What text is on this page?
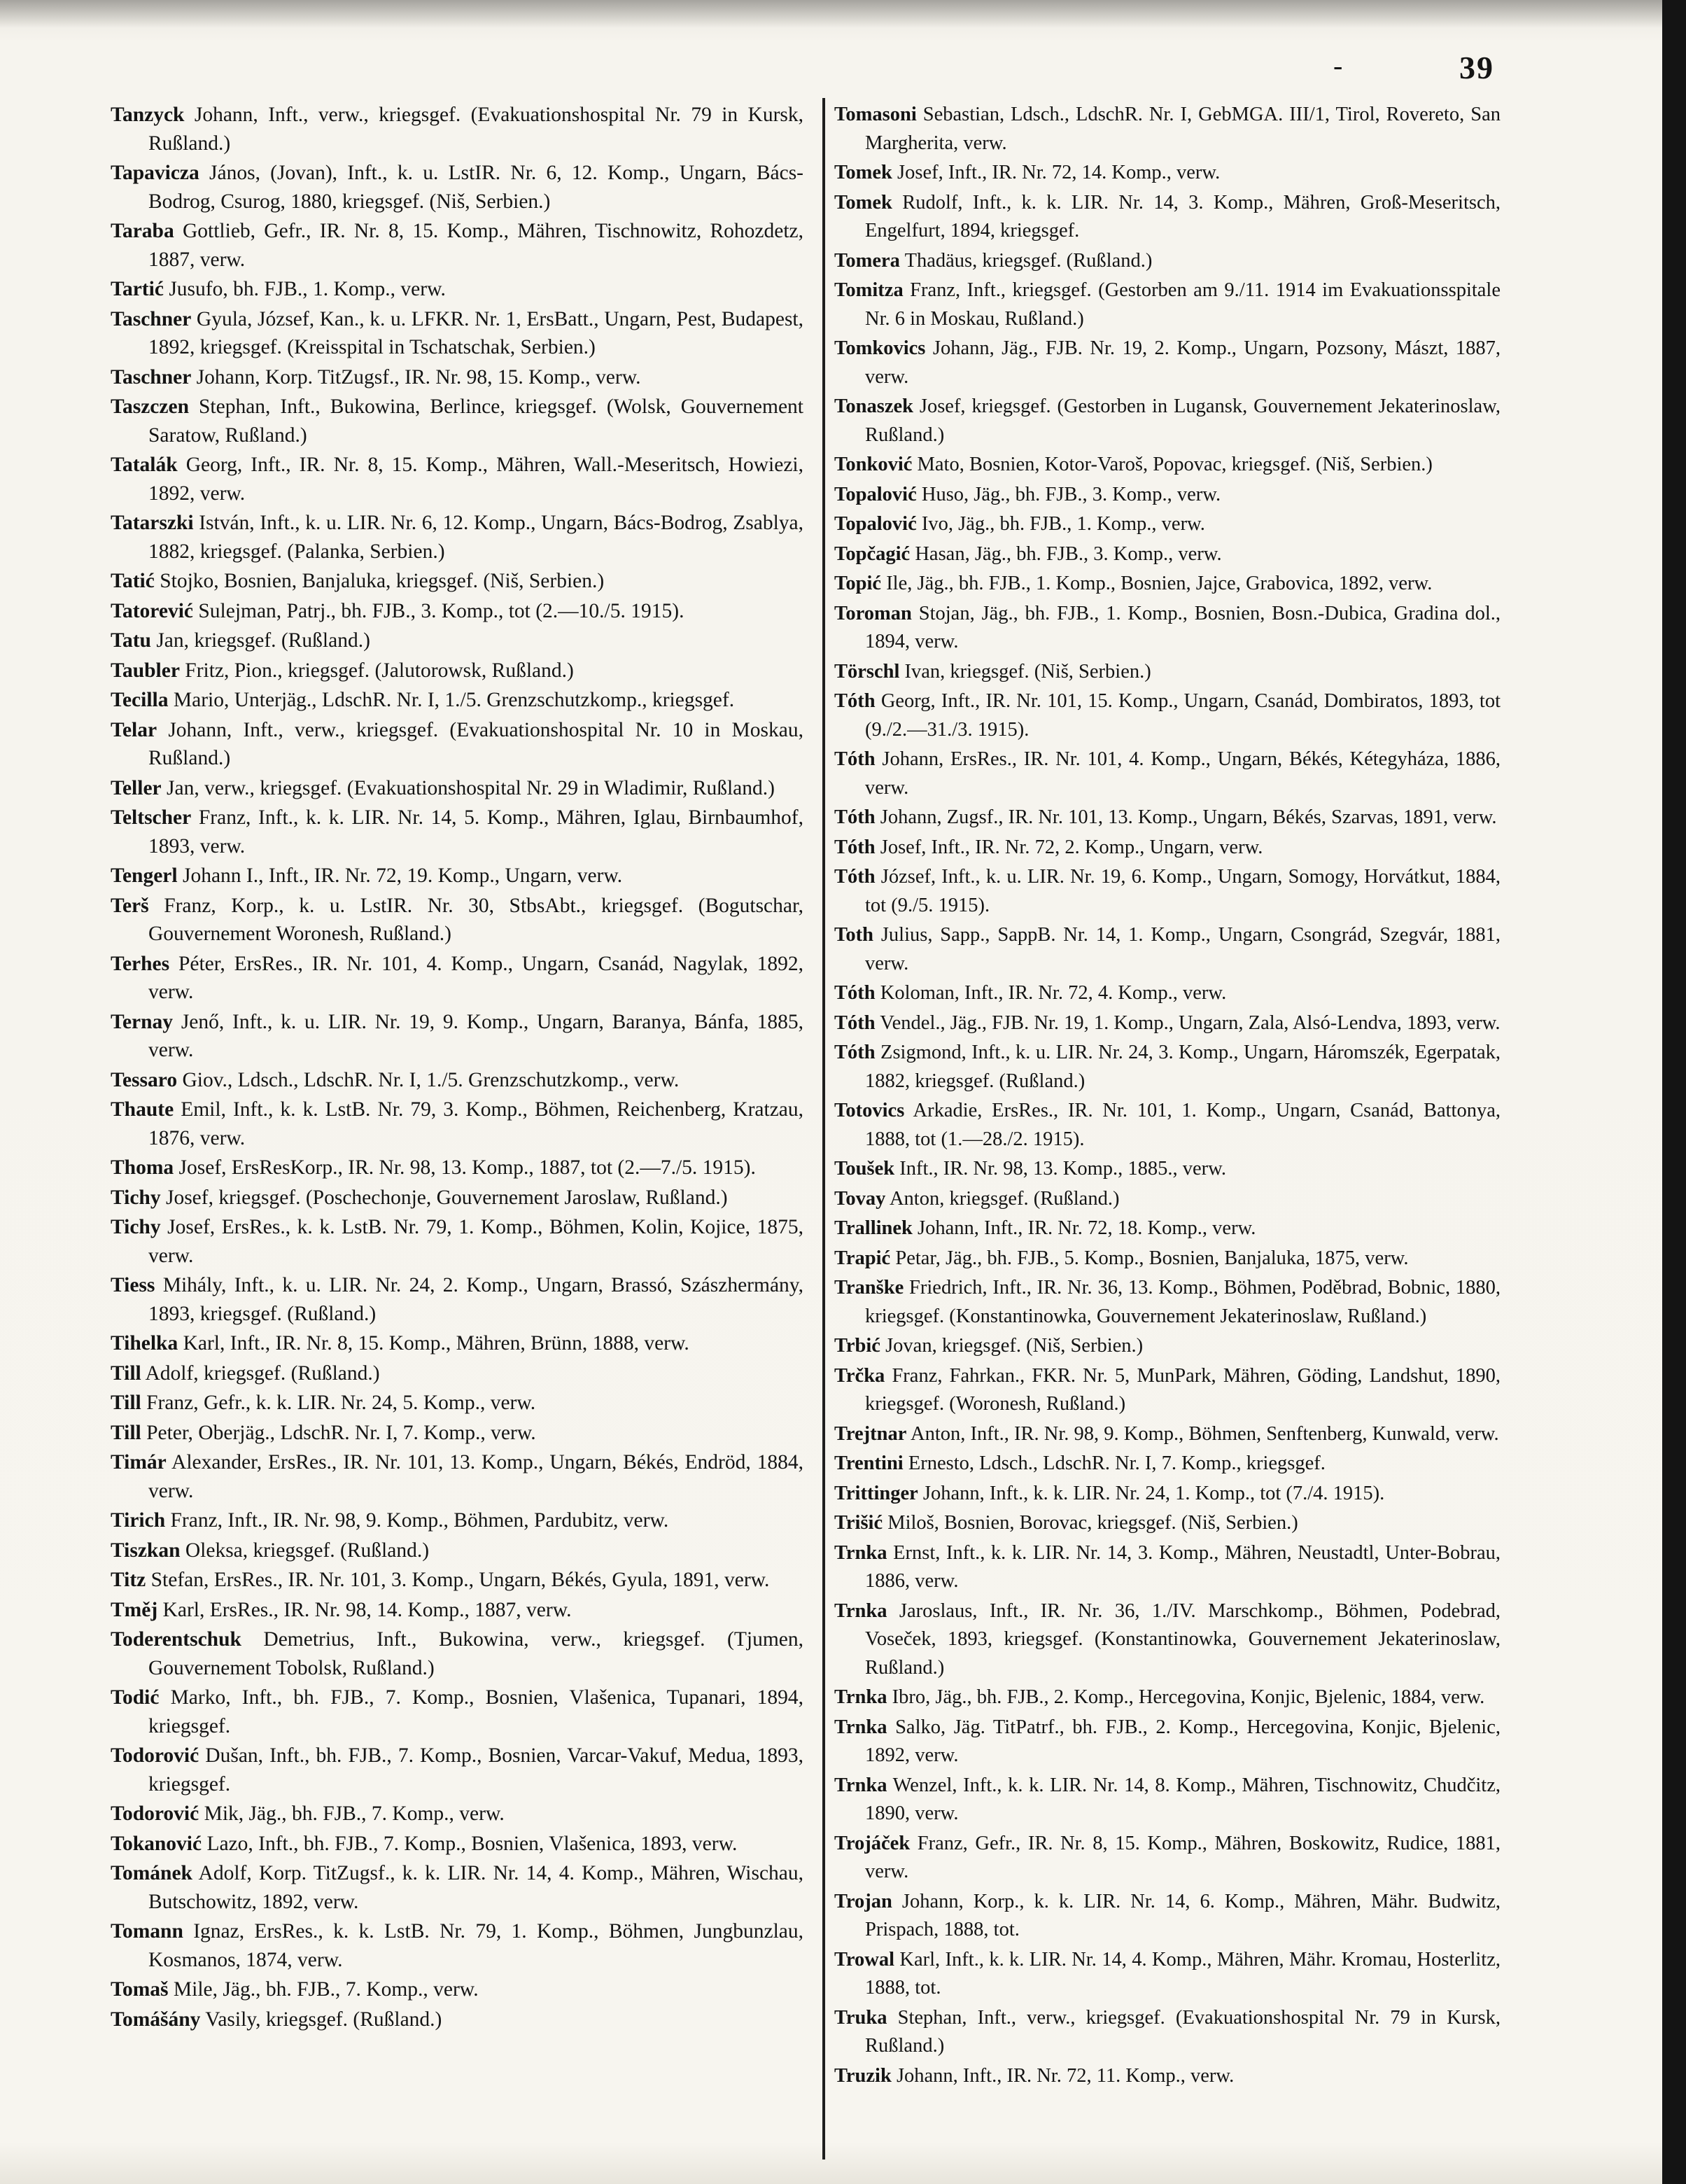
-	39

Tanzyck Johann, Inft., verw., kriegsgef. (Evakuationshospital Nr. 79 in Kursk, Rußland.)

Tapavicza János, (Jovan), Inft., k. u. LstIR. Nr. 6, 12. Komp., Ungarn, Bács-Bodrog, Csurog, 1880, kriegsgef. (Niš, Serbien.)

Taraba Gottlieb, Gefr., IR. Nr. 8, 15. Komp., Mähren, Tischnowitz, Rohozdetz, 1887, verw.

Tartić Jusufo, bh. FJB., 1. Komp., verw.

Taschner Gyula, József, Kan., k. u. LFKR. Nr. 1, ErsBatt., Ungarn, Pest, Budapest, 1892, kriegsgef. (Kreisspital in Tschatschak, Serbien.)

Taschner Johann, Korp. TitZugsf., IR. Nr. 98, 15. Komp., verw.

Taszczen Stephan, Inft., Bukowina, Berlince, kriegsgef. (Wolsk, Gouvernement Saratow, Rußland.)

Tatalák Georg, Inft., IR. Nr. 8, 15. Komp., Mähren, Wall.-Meseritsch, Howiezi, 1892, verw.

Tatarszki István, Inft., k. u. LIR. Nr. 6, 12. Komp., Ungarn, Bács-Bodrog, Zsablya, 1882, kriegsgef. (Palanka, Serbien.)

Tatić Stojko, Bosnien, Banjaluka, kriegsgef. (Niš, Serbien.)

Tatorević Sulejman, Patrj., bh. FJB., 3. Komp., tot (2.—10./5. 1915).

Tatu Jan, kriegsgef. (Rußland.)

Taubler Fritz, Pion., kriegsgef. (Jalutorowsk, Rußland.)

Tecilla Mario, Unterjäg., LdschR. Nr. I, 1./5. Grenzschutzkomp., kriegsgef.

Telar Johann, Inft., verw., kriegsgef. (Evakuationshospital Nr. 10 in Moskau, Rußland.)

Teller Jan, verw., kriegsgef. (Evakuationshospital Nr. 29 in Wladimir, Rußland.)

Teltscher Franz, Inft., k. k. LIR. Nr. 14, 5. Komp., Mähren, Iglau, Birnbaumhof, 1893, verw.

Tengerl Johann I., Inft., IR. Nr. 72, 19. Komp., Ungarn, verw.

Terš Franz, Korp., k. u. LstIR. Nr. 30, StbsAbt., kriegsgef. (Bogutschar, Gouvernement Woronesh, Rußland.)

Terhes Péter, ErsRes., IR. Nr. 101, 4. Komp., Ungarn, Csanád, Nagylak, 1892, verw.

Ternay Jenő, Inft., k. u. LIR. Nr. 19, 9. Komp., Ungarn, Baranya, Bánfa, 1885, verw.

Tessaro Giov., Ldsch., LdschR. Nr. I, 1./5. Grenzschutzkomp., verw.

Thaute Emil, Inft., k. k. LstB. Nr. 79, 3. Komp., Böhmen, Reichenberg, Kratzau, 1876, verw.

Thoma Josef, ErsResKorp., IR. Nr. 98, 13. Komp., 1887, tot (2.—7./5. 1915).

Tichy Josef, kriegsgef. (Poschechonje, Gouvernement Jaroslaw, Rußland.)

Tichy Josef, ErsRes., k. k. LstB. Nr. 79, 1. Komp., Böhmen, Kolin, Kojice, 1875, verw.

Tiess Mihály, Inft., k. u. LIR. Nr. 24, 2. Komp., Ungarn, Brassó, Szászhermány, 1893, kriegsgef. (Rußland.)

Tihelka Karl, Inft., IR. Nr. 8, 15. Komp., Mähren, Brünn, 1888, verw.

Till Adolf, kriegsgef. (Rußland.)

Till Franz, Gefr., k. k. LIR. Nr. 24, 5. Komp., verw.

Till Peter, Oberjäg., LdschR. Nr. I, 7. Komp., verw.

Timár Alexander, ErsRes., IR. Nr. 101, 13. Komp., Ungarn, Békés, Endröd, 1884, verw.

Tirich Franz, Inft., IR. Nr. 98, 9. Komp., Böhmen, Pardubitz, verw.

Tiszkan Oleksa, kriegsgef. (Rußland.)

Titz Stefan, ErsRes., IR. Nr. 101, 3. Komp., Ungarn, Békés, Gyula, 1891, verw.

Tměj Karl, ErsRes., IR. Nr. 98, 14. Komp., 1887, verw.

Toderentschuk Demetrius, Inft., Bukowina, verw., kriegsgef. (Tjumen, Gouvernement Tobolsk, Rußland.)

Todić Marko, Inft., bh. FJB., 7. Komp., Bosnien, Vlašenica, Tupanari, 1894, kriegsgef.

Todorović Dušan, Inft., bh. FJB., 7. Komp., Bosnien, Varcar-Vakuf, Medua, 1893, kriegsgef.

Todorović Mik, Jäg., bh. FJB., 7. Komp., verw.

Tokanović Lazo, Inft., bh. FJB., 7. Komp., Bosnien, Vlašenica, 1893, verw.

Tománek Adolf, Korp. TitZugsf., k. k. LIR. Nr. 14, 4. Komp., Mähren, Wischau, Butschowitz, 1892, verw.

Tomann Ignaz, ErsRes., k. k. LstB. Nr. 79, 1. Komp., Böhmen, Jungbunzlau, Kosmanos, 1874, verw.

Tomaš Mile, Jäg., bh. FJB., 7. Komp., verw.

Tomášány Vasily, kriegsgef. (Rußland.)

Tomasoni Sebastian, Ldsch., LdschR. Nr. I, GebMGA. III/1, Tirol, Rovereto, San Margherita, verw.

Tomek Josef, Inft., IR. Nr. 72, 14. Komp., verw.

Tomek Rudolf, Inft., k. k. LIR. Nr. 14, 3. Komp., Mähren, Groß-Meseritsch, Engelfurt, 1894, kriegsgef.

Tomera Thadäus, kriegsgef. (Rußland.)

Tomitza Franz, Inft., kriegsgef. (Gestorben am 9./11. 1914 im Evakuationsspitale Nr. 6 in Moskau, Rußland.)

Tomkovics Johann, Jäg., FJB. Nr. 19, 2. Komp., Ungarn, Pozsony, Mászt, 1887, verw.

Tonaszek Josef, kriegsgef. (Gestorben in Lugansk, Gouvernement Jekaterinoslaw, Rußland.)

Tonković Mato, Bosnien, Kotor-Varoš, Popovac, kriegsgef. (Niš, Serbien.)

Topalović Huso, Jäg., bh. FJB., 3. Komp., verw.

Topalović Ivo, Jäg., bh. FJB., 1. Komp., verw.

Topčagić Hasan, Jäg., bh. FJB., 3. Komp., verw.

Topić Ile, Jäg., bh. FJB., 1. Komp., Bosnien, Jajce, Grabovica, 1892, verw.

Toroman Stojan, Jäg., bh. FJB., 1. Komp., Bosnien, Bosn.-Dubica, Gradina dol., 1894, verw.

Törschl Ivan, kriegsgef. (Niš, Serbien.)

Tóth Georg, Inft., IR. Nr. 101, 15. Komp., Ungarn, Csanád, Dombiratos, 1893, tot (9./2.—31./3. 1915).

Tóth Johann, ErsRes., IR. Nr. 101, 4. Komp., Ungarn, Békés, Kétegyháza, 1886, verw.

Tóth Johann, Zugsf., IR. Nr. 101, 13. Komp., Ungarn, Békés, Szarvas, 1891, verw.

Tóth Josef, Inft., IR. Nr. 72, 2. Komp., Ungarn, verw.

Tóth József, Inft., k. u. LIR. Nr. 19, 6. Komp., Ungarn, Somogy, Horvátkut, 1884, tot (9./5. 1915).

Toth Julius, Sapp., SappB. Nr. 14, 1. Komp., Ungarn, Csongrád, Szegvár, 1881, verw.

Tóth Koloman, Inft., IR. Nr. 72, 4. Komp., verw.

Tóth Vendel., Jäg., FJB. Nr. 19, 1. Komp., Ungarn, Zala, Alsó-Lendva, 1893, verw.

Tóth Zsigmond, Inft., k. u. LIR. Nr. 24, 3. Komp., Ungarn, Háromszék, Egerpatak, 1882, kriegsgef. (Rußland.)

Totovics Arkadie, ErsRes., IR. Nr. 101, 1. Komp., Ungarn, Csanád, Battonya, 1888, tot (1.—28./2. 1915).

Toušek Inft., IR. Nr. 98, 13. Komp., 1885., verw.

Tovay Anton, kriegsgef. (Rußland.)

Trallinek Johann, Inft., IR. Nr. 72, 18. Komp., verw.

Trapić Petar, Jäg., bh. FJB., 5. Komp., Bosnien, Banjaluka, 1875, verw.

Tranške Friedrich, Inft., IR. Nr. 36, 13. Komp., Böhmen, Poděbrad, Bobnic, 1880, kriegsgef. (Konstantinowka, Gouvernement Jekaterinoslaw, Rußland.)

Trbić Jovan, kriegsgef. (Niš, Serbien.)

Trčka Franz, Fahrkan., FKR. Nr. 5, MunPark, Mähren, Göding, Landshut, 1890, kriegsgef. (Woronesh, Rußland.)

Trejtnar Anton, Inft., IR. Nr. 98, 9. Komp., Böhmen, Senftenberg, Kunwald, verw.

Trentini Ernesto, Ldsch., LdschR. Nr. I, 7. Komp., kriegsgef.

Trittinger Johann, Inft., k. k. LIR. Nr. 24, 1. Komp., tot (7./4. 1915).

Trišić Miloš, Bosnien, Borovac, kriegsgef. (Niš, Serbien.)

Trnka Ernst, Inft., k. k. LIR. Nr. 14, 3. Komp., Mähren, Neustadtl, Unter-Bobrau, 1886, verw.

Trnka Jaroslaus, Inft., IR. Nr. 36, 1./IV. Marschkomp., Böhmen, Podebrad, Voseček, 1893, kriegsgef. (Konstantinowka, Gouvernement Jekaterinoslaw, Rußland.)

Trnka Ibro, Jäg., bh. FJB., 2. Komp., Hercegovina, Konjic, Bjelenic, 1884, verw.

Trnka Salko, Jäg. TitPatrf., bh. FJB., 2. Komp., Hercegovina, Konjic, Bjelenic, 1892, verw.

Trnka Wenzel, Inft., k. k. LIR. Nr. 14, 8. Komp., Mähren, Tischnowitz, Chudčitz, 1890, verw.

Trojáček Franz, Gefr., IR. Nr. 8, 15. Komp., Mähren, Boskowitz, Rudice, 1881, verw.

Trojan Johann, Korp., k. k. LIR. Nr. 14, 6. Komp., Mähren, Mähr. Budwitz, Prispach, 1888, tot.

Trowal Karl, Inft., k. k. LIR. Nr. 14, 4. Komp., Mähren, Mähr. Kromau, Hosterlitz, 1888, tot.

Truka Stephan, Inft., verw., kriegsgef. (Evakuationshospital Nr. 79 in Kursk, Rußland.)

Truzik Johann, Inft., IR. Nr. 72, 11. Komp., verw.
